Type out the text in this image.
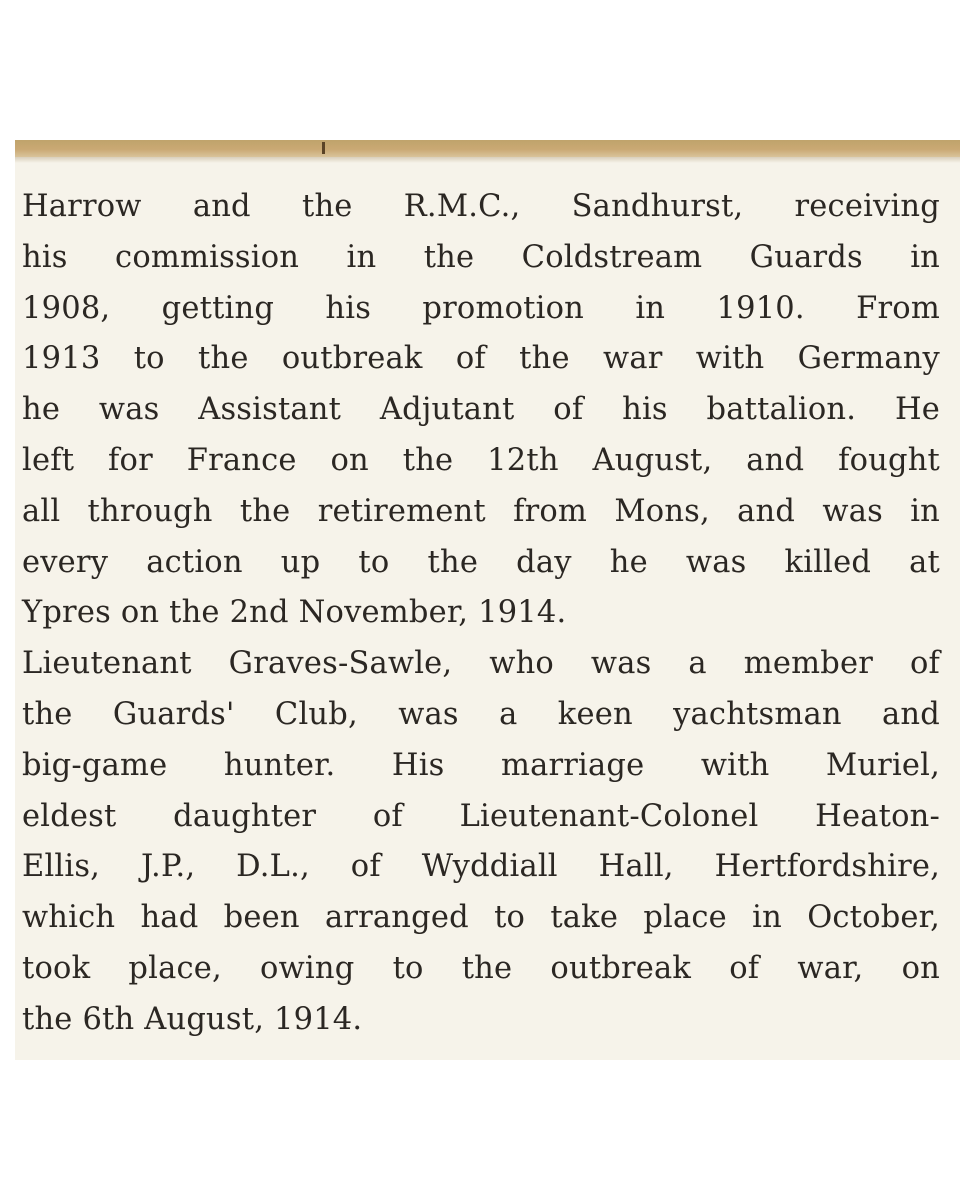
Harrow and the R.M.C., Sandhurst, receiving
his commission in the Coldstream Guards in
1908, getting his promotion in 1910. From
1913 to the outbreak of the war with Germany
he was Assistant Adjutant of his battalion. He
left for France on the 12th August, and fought
all through the retirement from Mons, and was in
every action up to the day he was killed at
Ypres on the 2nd November, 1914.
Lieutenant Graves-Sawle, who was a member of
the Guards' Club, was a keen yachtsman and
big-game hunter. His marriage with Muriel,
eldest daughter of Lieutenant-Colonel Heaton-
Ellis, J.P., D.L., of Wyddiall Hall, Hertfordshire,
which had been arranged to take place in October,
took place, owing to the outbreak of war, on
the 6th August, 1914.
